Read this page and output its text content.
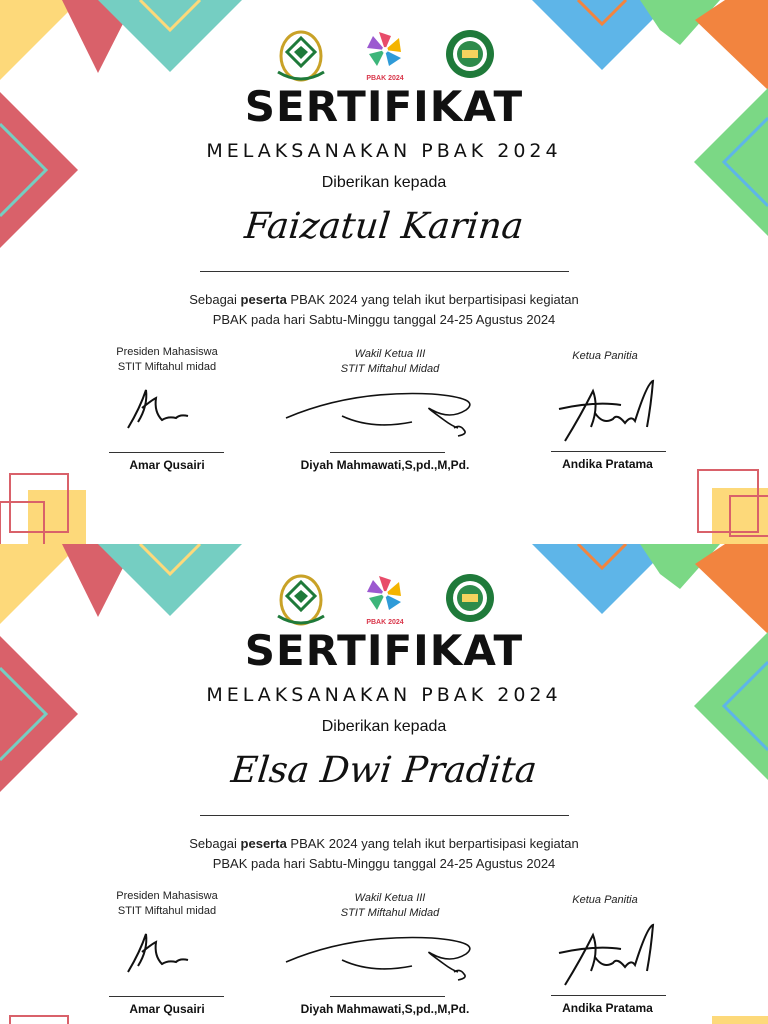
PBAK 2024
SERTIFIKAT
MELAKSANAKAN PBAK 2024
Diberikan kepada
Faizatul Karina
Sebagai peserta PBAK 2024 yang telah ikut berpartisipasi kegiatan
PBAK pada hari Sabtu-Minggu tanggal 24-25 Agustus 2024
Presiden Mahasiswa
STIT Miftahul midad
Amar Qusairi
Wakil Ketua III
STIT Miftahul Midad
Diyah Mahmawati,S,pd.,M,Pd.
Ketua Panitia
Andika Pratama
PBAK 2024
SERTIFIKAT
MELAKSANAKAN PBAK 2024
Diberikan kepada
Elsa Dwi Pradita
Sebagai peserta PBAK 2024 yang telah ikut berpartisipasi kegiatan
PBAK pada hari Sabtu-Minggu tanggal 24-25 Agustus 2024
Presiden Mahasiswa
STIT Miftahul midad
Amar Qusairi
Wakil Ketua III
STIT Miftahul Midad
Diyah Mahmawati,S,pd.,M,Pd.
Ketua Panitia
Andika Pratama
